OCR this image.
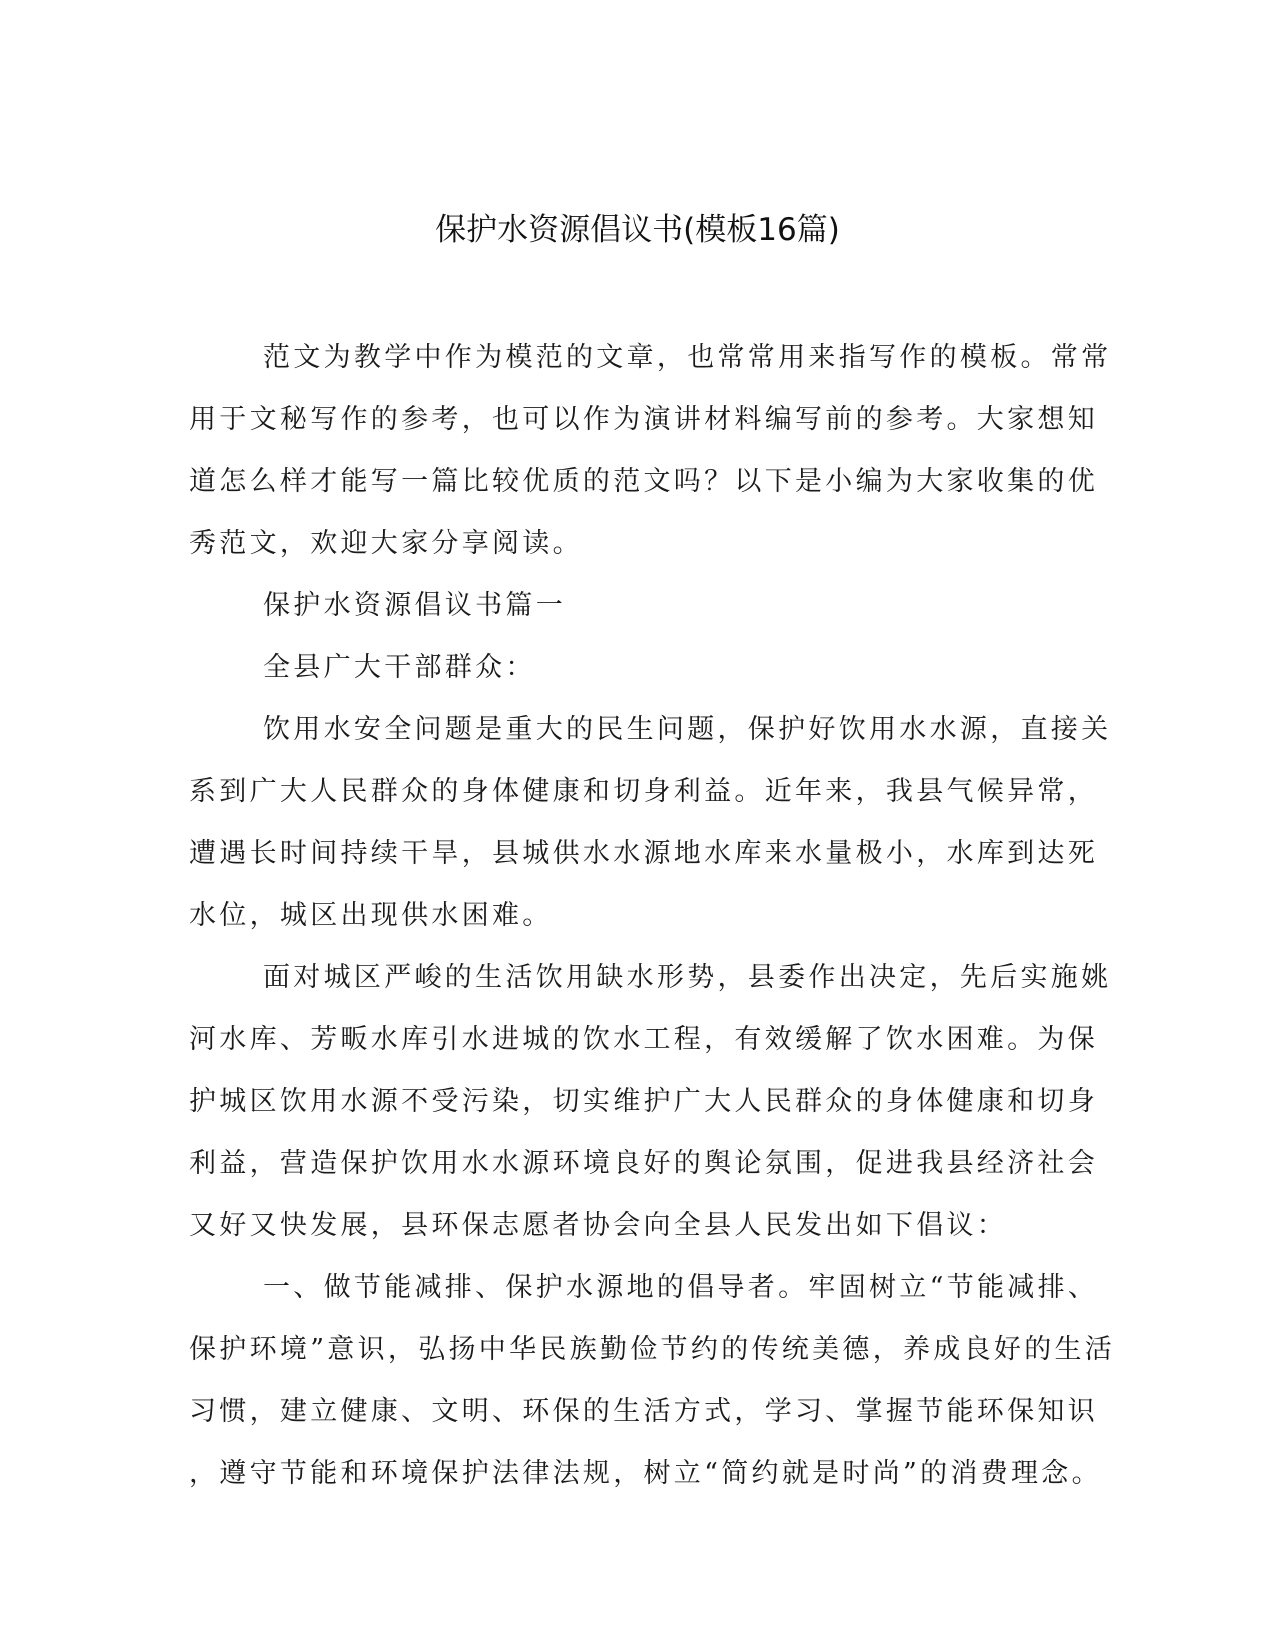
保护水资源倡议书(模板16篇)
范文为教学中作为模范的文章，也常常用来指写作的模板。常常
用于文秘写作的参考，也可以作为演讲材料编写前的参考。大家想知
道怎么样才能写一篇比较优质的范文吗？以下是小编为大家收集的优
秀范文，欢迎大家分享阅读。
保护水资源倡议书篇一
全县广大干部群众：
饮用水安全问题是重大的民生问题，保护好饮用水水源，直接关
系到广大人民群众的身体健康和切身利益。近年来，我县气候异常，
遭遇长时间持续干旱，县城供水水源地水库来水量极小，水库到达死
水位，城区出现供水困难。
面对城区严峻的生活饮用缺水形势，县委作出决定，先后实施姚
河水库、芳畈水库引水进城的饮水工程，有效缓解了饮水困难。为保
护城区饮用水源不受污染，切实维护广大人民群众的身体健康和切身
利益，营造保护饮用水水源环境良好的舆论氛围，促进我县经济社会
又好又快发展，县环保志愿者协会向全县人民发出如下倡议：
一、做节能减排、保护水源地的倡导者。牢固树立“节能减排、
保护环境”意识，弘扬中华民族勤俭节约的传统美德，养成良好的生活
习惯，建立健康、文明、环保的生活方式，学习、掌握节能环保知识
，遵守节能和环境保护法律法规，树立“简约就是时尚”的消费理念。
